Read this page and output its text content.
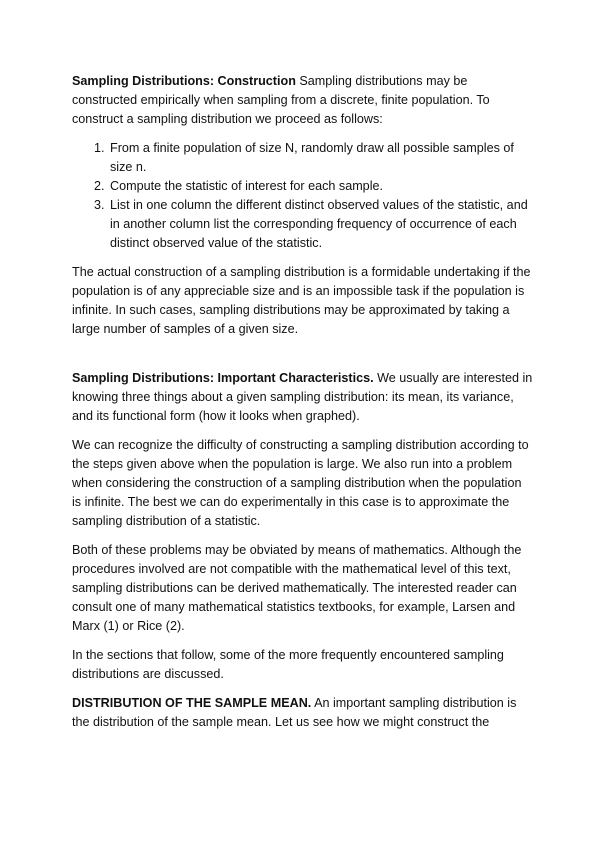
Sampling Distributions: Construction Sampling distributions may be constructed empirically when sampling from a discrete, finite population. To construct a sampling distribution we proceed as follows:

1. From a finite population of size N, randomly draw all possible samples of size n.
2. Compute the statistic of interest for each sample.
3. List in one column the different distinct observed values of the statistic, and in another column list the corresponding frequency of occurrence of each distinct observed value of the statistic.

The actual construction of a sampling distribution is a formidable undertaking if the population is of any appreciable size and is an impossible task if the population is infinite. In such cases, sampling distributions may be approximated by taking a large number of samples of a given size.

Sampling Distributions: Important Characteristics. We usually are interested in knowing three things about a given sampling distribution: its mean, its variance, and its functional form (how it looks when graphed).

We can recognize the difficulty of constructing a sampling distribution according to the steps given above when the population is large. We also run into a problem when considering the construction of a sampling distribution when the population is infinite. The best we can do experimentally in this case is to approximate the sampling distribution of a statistic.

Both of these problems may be obviated by means of mathematics. Although the procedures involved are not compatible with the mathematical level of this text, sampling distributions can be derived mathematically. The interested reader can consult one of many mathematical statistics textbooks, for example, Larsen and Marx (1) or Rice (2).

In the sections that follow, some of the more frequently encountered sampling distributions are discussed.

DISTRIBUTION OF THE SAMPLE MEAN. An important sampling distribution is the distribution of the sample mean. Let us see how we might construct the
